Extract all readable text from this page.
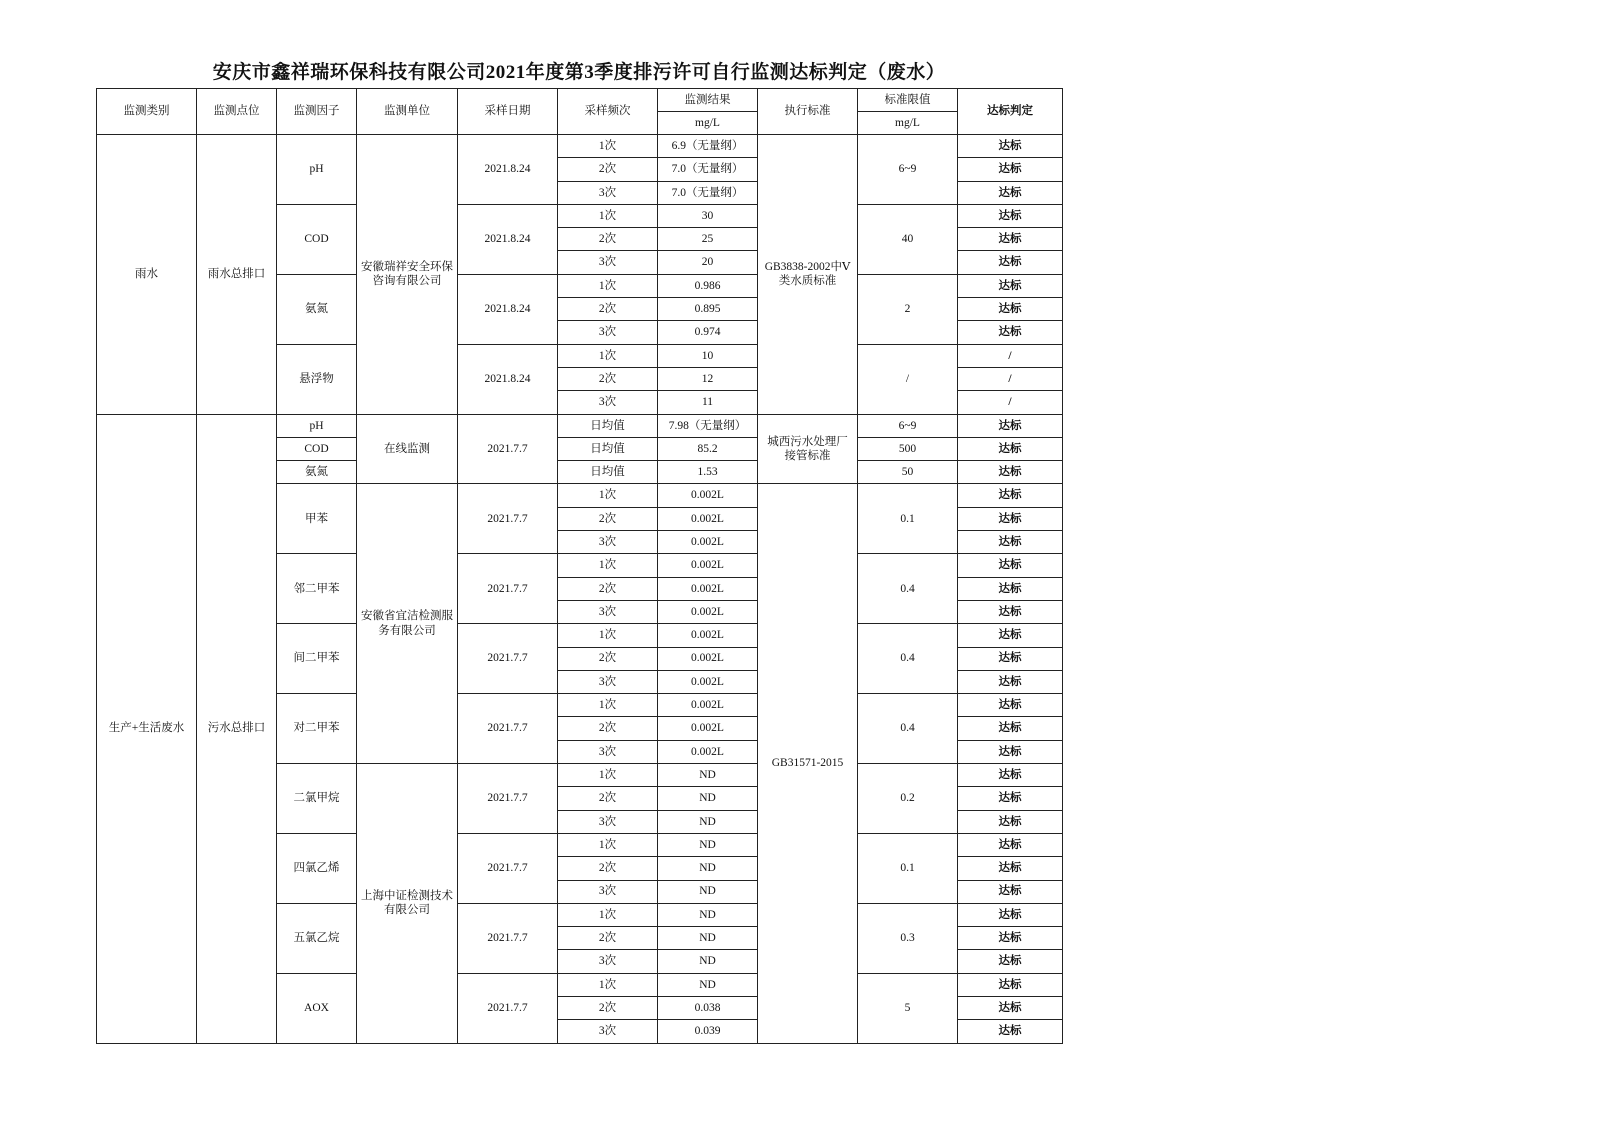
安庆市鑫祥瑞环保科技有限公司2021年度第3季度排污许可自行监测达标判定（废水）
监测类别	监测点位	监测因子	监测单位	采样日期	采样频次	监测结果	执行标准	标准限值	达标判定
						mg/L		mg/L	
雨水	雨水总排口	pH	安徽瑞祥安全环保咨询有限公司	2021.8.24	1次	6.9（无量纲）	GB3838-2002中Ⅴ类水质标准	6~9	达标
					2次	7.0（无量纲）			达标
					3次	7.0（无量纲）			达标
		COD		2021.8.24	1次	30		40	达标
					2次	25			达标
					3次	20			达标
		氨氮		2021.8.24	1次	0.986		2	达标
					2次	0.895			达标
					3次	0.974			达标
		悬浮物		2021.8.24	1次	10		/	/
					2次	12			/
					3次	11			/
生产+生活废水	污水总排口	pH	在线监测	2021.7.7	日均值	7.98（无量纲）	城西污水处理厂接管标准	6~9	达标
		COD			日均值	85.2		500	达标
		氨氮			日均值	1.53		50	达标
		甲苯	安徽省宜洁检测服务有限公司	2021.7.7	1次	0.002L	GB31571-2015	0.1	达标
					2次	0.002L			达标
					3次	0.002L			达标
		邻二甲苯		2021.7.7	1次	0.002L		0.4	达标
					2次	0.002L			达标
					3次	0.002L			达标
		间二甲苯		2021.7.7	1次	0.002L		0.4	达标
					2次	0.002L			达标
					3次	0.002L			达标
		对二甲苯		2021.7.7	1次	0.002L		0.4	达标
					2次	0.002L			达标
					3次	0.002L			达标
		二氯甲烷	上海中证检测技术有限公司	2021.7.7	1次	ND		0.2	达标
					2次	ND			达标
					3次	ND			达标
		四氯乙烯		2021.7.7	1次	ND		0.1	达标
					2次	ND			达标
					3次	ND			达标
		五氯乙烷		2021.7.7	1次	ND		0.3	达标
					2次	ND			达标
					3次	ND			达标
		AOX		2021.7.7	1次	ND		5	达标
					2次	0.038			达标
					3次	0.039			达标
